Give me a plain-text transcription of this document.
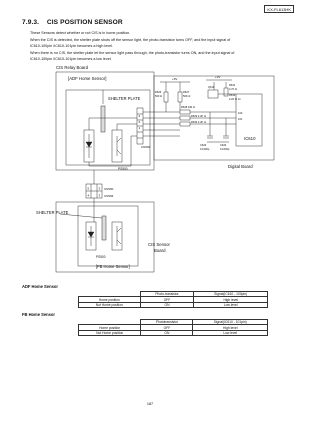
KX-FL613HK
7.9.3. CIS POSITION SENSOR
These Sensors detect whether or not CIS is in home position.
When the CIS is detected, the shelter plate shuts off the sensor light, the photo-transistor turns OFF, and the input signal of
IC610-100pin /IC610-101pin becomes a high level.
When there is no CIS, the shelter plate let the sensor light pass through, the photo-transistor turns ON, and the input signal of
IC610-100pin /IC610-101pin becomes a low level.
CIS Relay Board
[ADF Home Sensor]
SHELTER PLATE
PS500
CN500
CN500
CN506
SHELTER PLATE
PS500
[FB Home Sensor]
CIS Sensor
Board
Digital Board
+5V	+3V
R626
560 Ω
R627
56K Ω
R628 330 Ω
R629 2.2K Ω
R630 2.2K Ω
R631
4.7K Ω
R633
2.2K Ω
Q610
C623
0.1000p
C620
0.1000p
11
100
101
IC610
3
2
1
5
4
3
3
ADF Home Sensor
	Photo-transistor	Signal(IC610 - 100pin)
Home position	OFF	High level
Not Home position	ON	Low level
FB Home Sensor
	Phototransistor	Signal(IC610 - 101pin)
Home position	OFF	High level
Not Home position	ON	Low level
187
